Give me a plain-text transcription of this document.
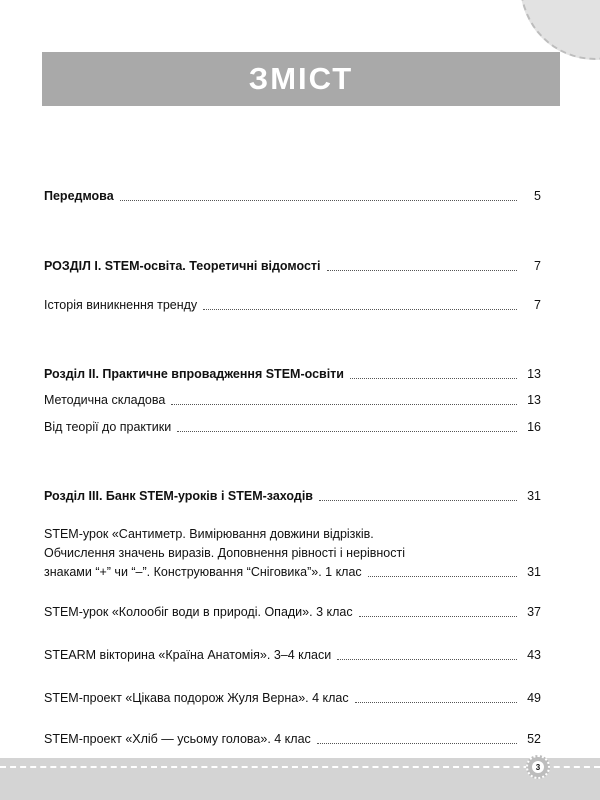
ЗМІСТ
Передмова	5
РОЗДІЛ І. STEM-освіта. Теоретичні відомості	7
Історія виникнення тренду	7
Розділ ІІ. Практичне впровадження STEM-освіти	13
Методична складова	13
Від теорії до практики	16
Розділ ІІІ. Банк STEM-уроків і STEM-заходів	31
STEM-урок «Сантиметр. Вимірювання довжини відрізків.
Обчислення значень виразів. Доповнення рівності і нерівності
знаками “+” чи “–”. Конструювання “Сніговика”». 1 клас	31
STEM-урок «Колообіг води в природі. Опади». 3 клас	37
STEARM вікторина «Країна Анатомія». 3–4 класи	43
STEM-проект «Цікава подорож Жуля Верна». 4 клас	49
STEM-проект «Хліб — усьому голова». 4 клас	52
3
